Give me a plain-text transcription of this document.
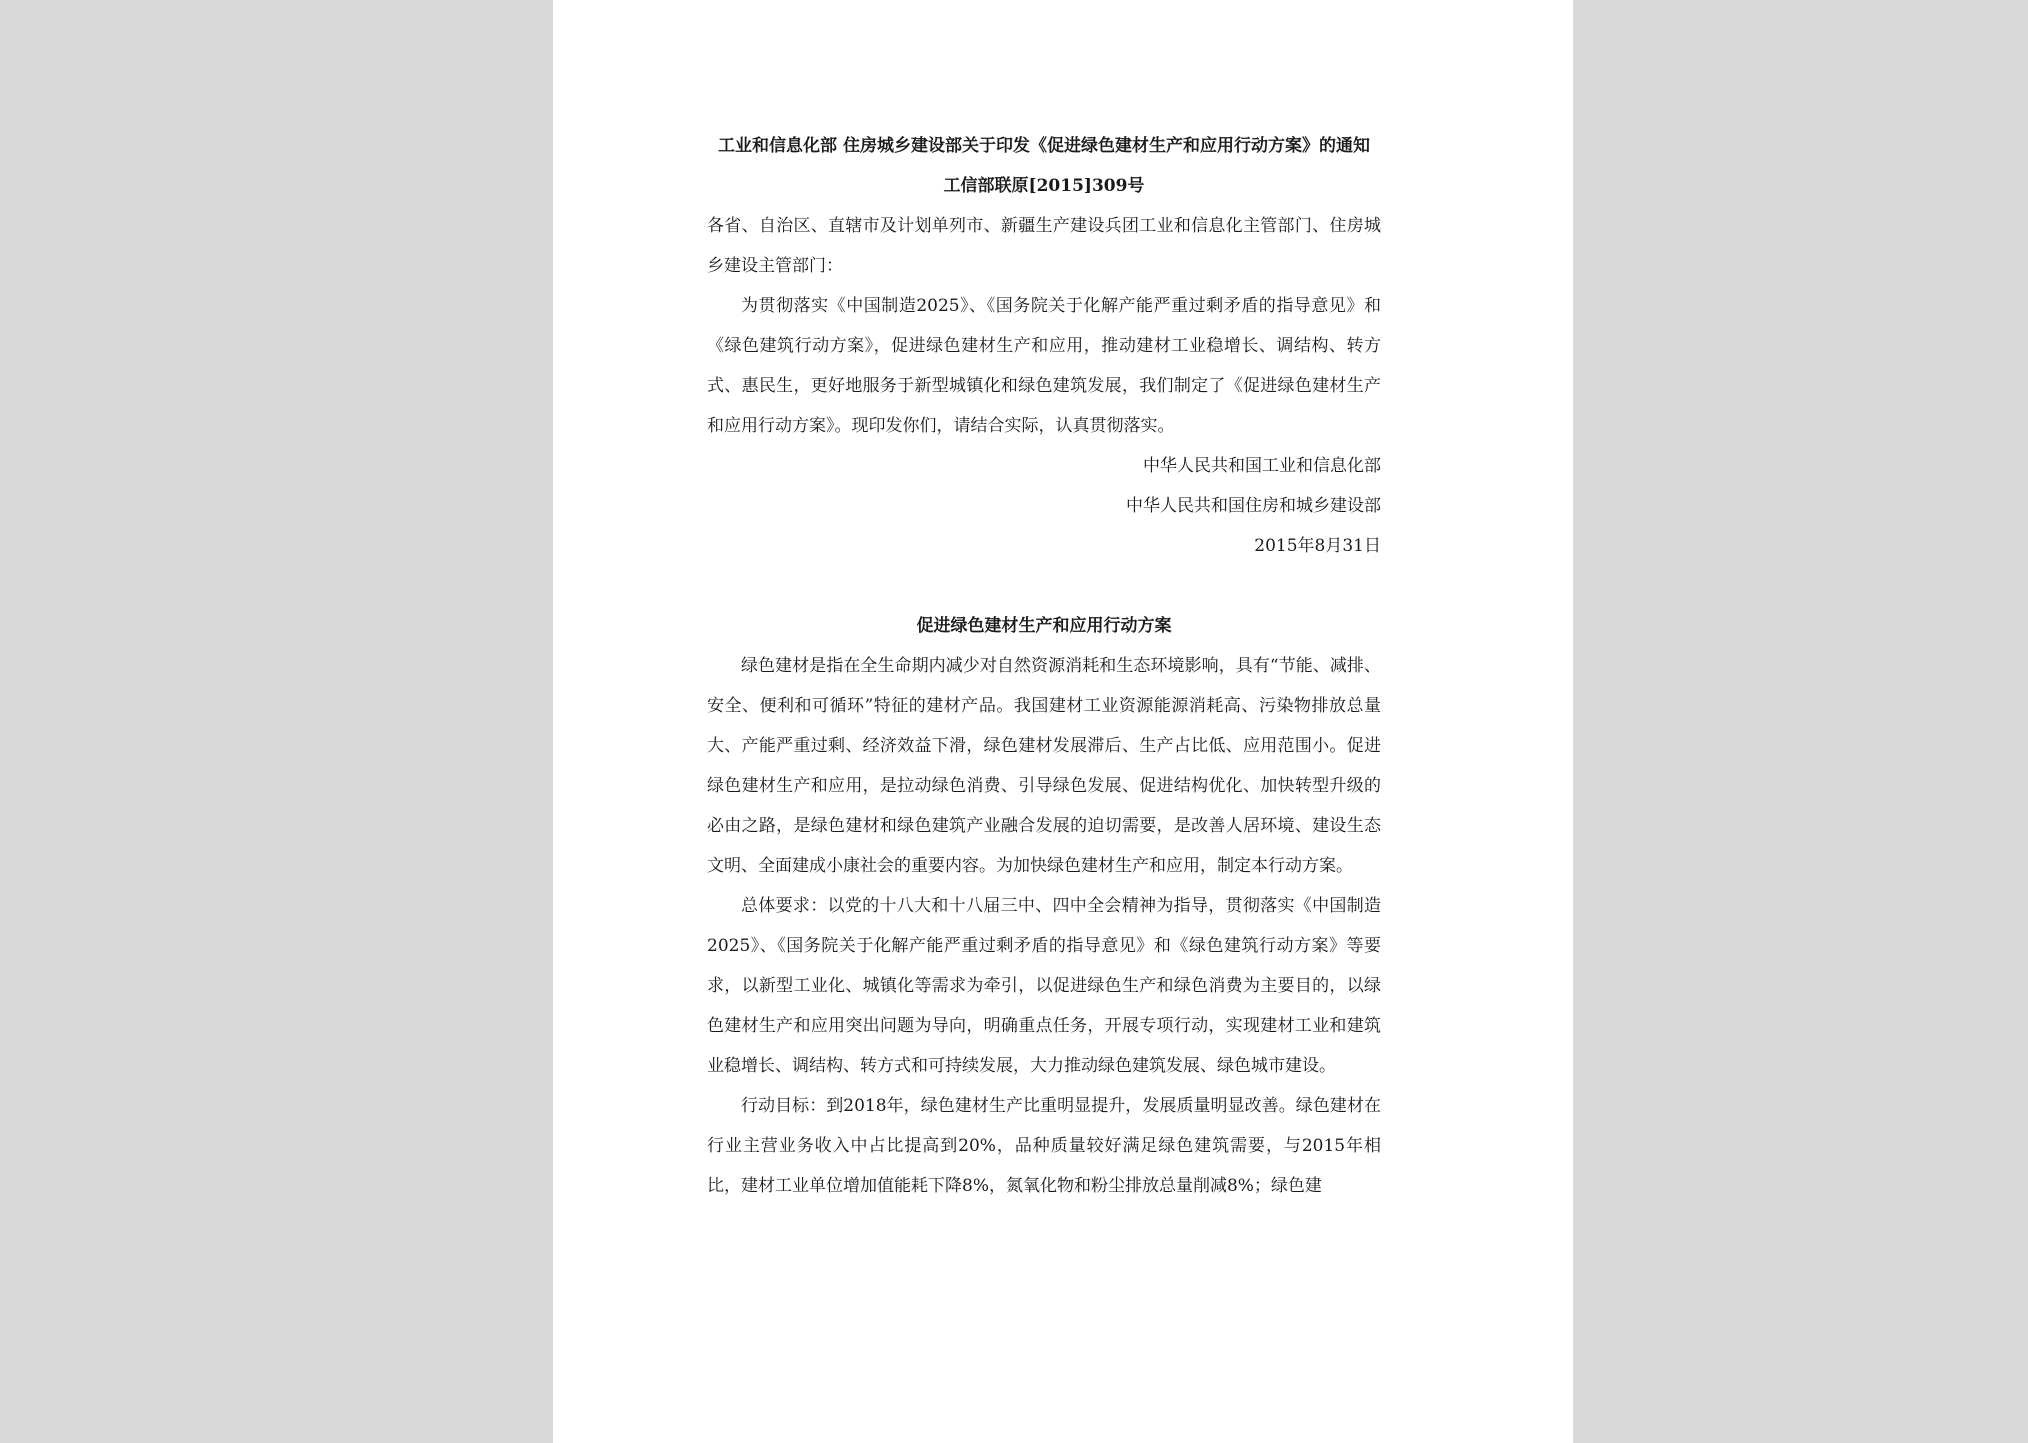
工业和信息化部 住房城乡建设部关于印发《促进绿色建材生产和应用行动方案》的通知

工信部联原[2015]309号

各省、自治区、直辖市及计划单列市、新疆生产建设兵团工业和信息化主管部门、住房城乡建设主管部门：

为贯彻落实《中国制造2025》、《国务院关于化解产能严重过剩矛盾的指导意见》和《绿色建筑行动方案》，促进绿色建材生产和应用，推动建材工业稳增长、调结构、转方式、惠民生，更好地服务于新型城镇化和绿色建筑发展，我们制定了《促进绿色建材生产和应用行动方案》。现印发你们，请结合实际，认真贯彻落实。

中华人民共和国工业和信息化部

中华人民共和国住房和城乡建设部

2015年8月31日

促进绿色建材生产和应用行动方案

绿色建材是指在全生命期内减少对自然资源消耗和生态环境影响，具有“节能、减排、安全、便利和可循环”特征的建材产品。我国建材工业资源能源消耗高、污染物排放总量大、产能严重过剩、经济效益下滑，绿色建材发展滞后、生产占比低、应用范围小。促进绿色建材生产和应用，是拉动绿色消费、引导绿色发展、促进结构优化、加快转型升级的必由之路，是绿色建材和绿色建筑产业融合发展的迫切需要，是改善人居环境、建设生态文明、全面建成小康社会的重要内容。为加快绿色建材生产和应用，制定本行动方案。

总体要求：以党的十八大和十八届三中、四中全会精神为指导，贯彻落实《中国制造2025》、《国务院关于化解产能严重过剩矛盾的指导意见》和《绿色建筑行动方案》等要求，以新型工业化、城镇化等需求为牵引，以促进绿色生产和绿色消费为主要目的，以绿色建材生产和应用突出问题为导向，明确重点任务，开展专项行动，实现建材工业和建筑业稳增长、调结构、转方式和可持续发展，大力推动绿色建筑发展、绿色城市建设。

行动目标：到2018年，绿色建材生产比重明显提升，发展质量明显改善。绿色建材在行业主营业务收入中占比提高到20%，品种质量较好满足绿色建筑需要，与2015年相比，建材工业单位增加值能耗下降8%，氮氧化物和粉尘排放总量削减8%；绿色建
